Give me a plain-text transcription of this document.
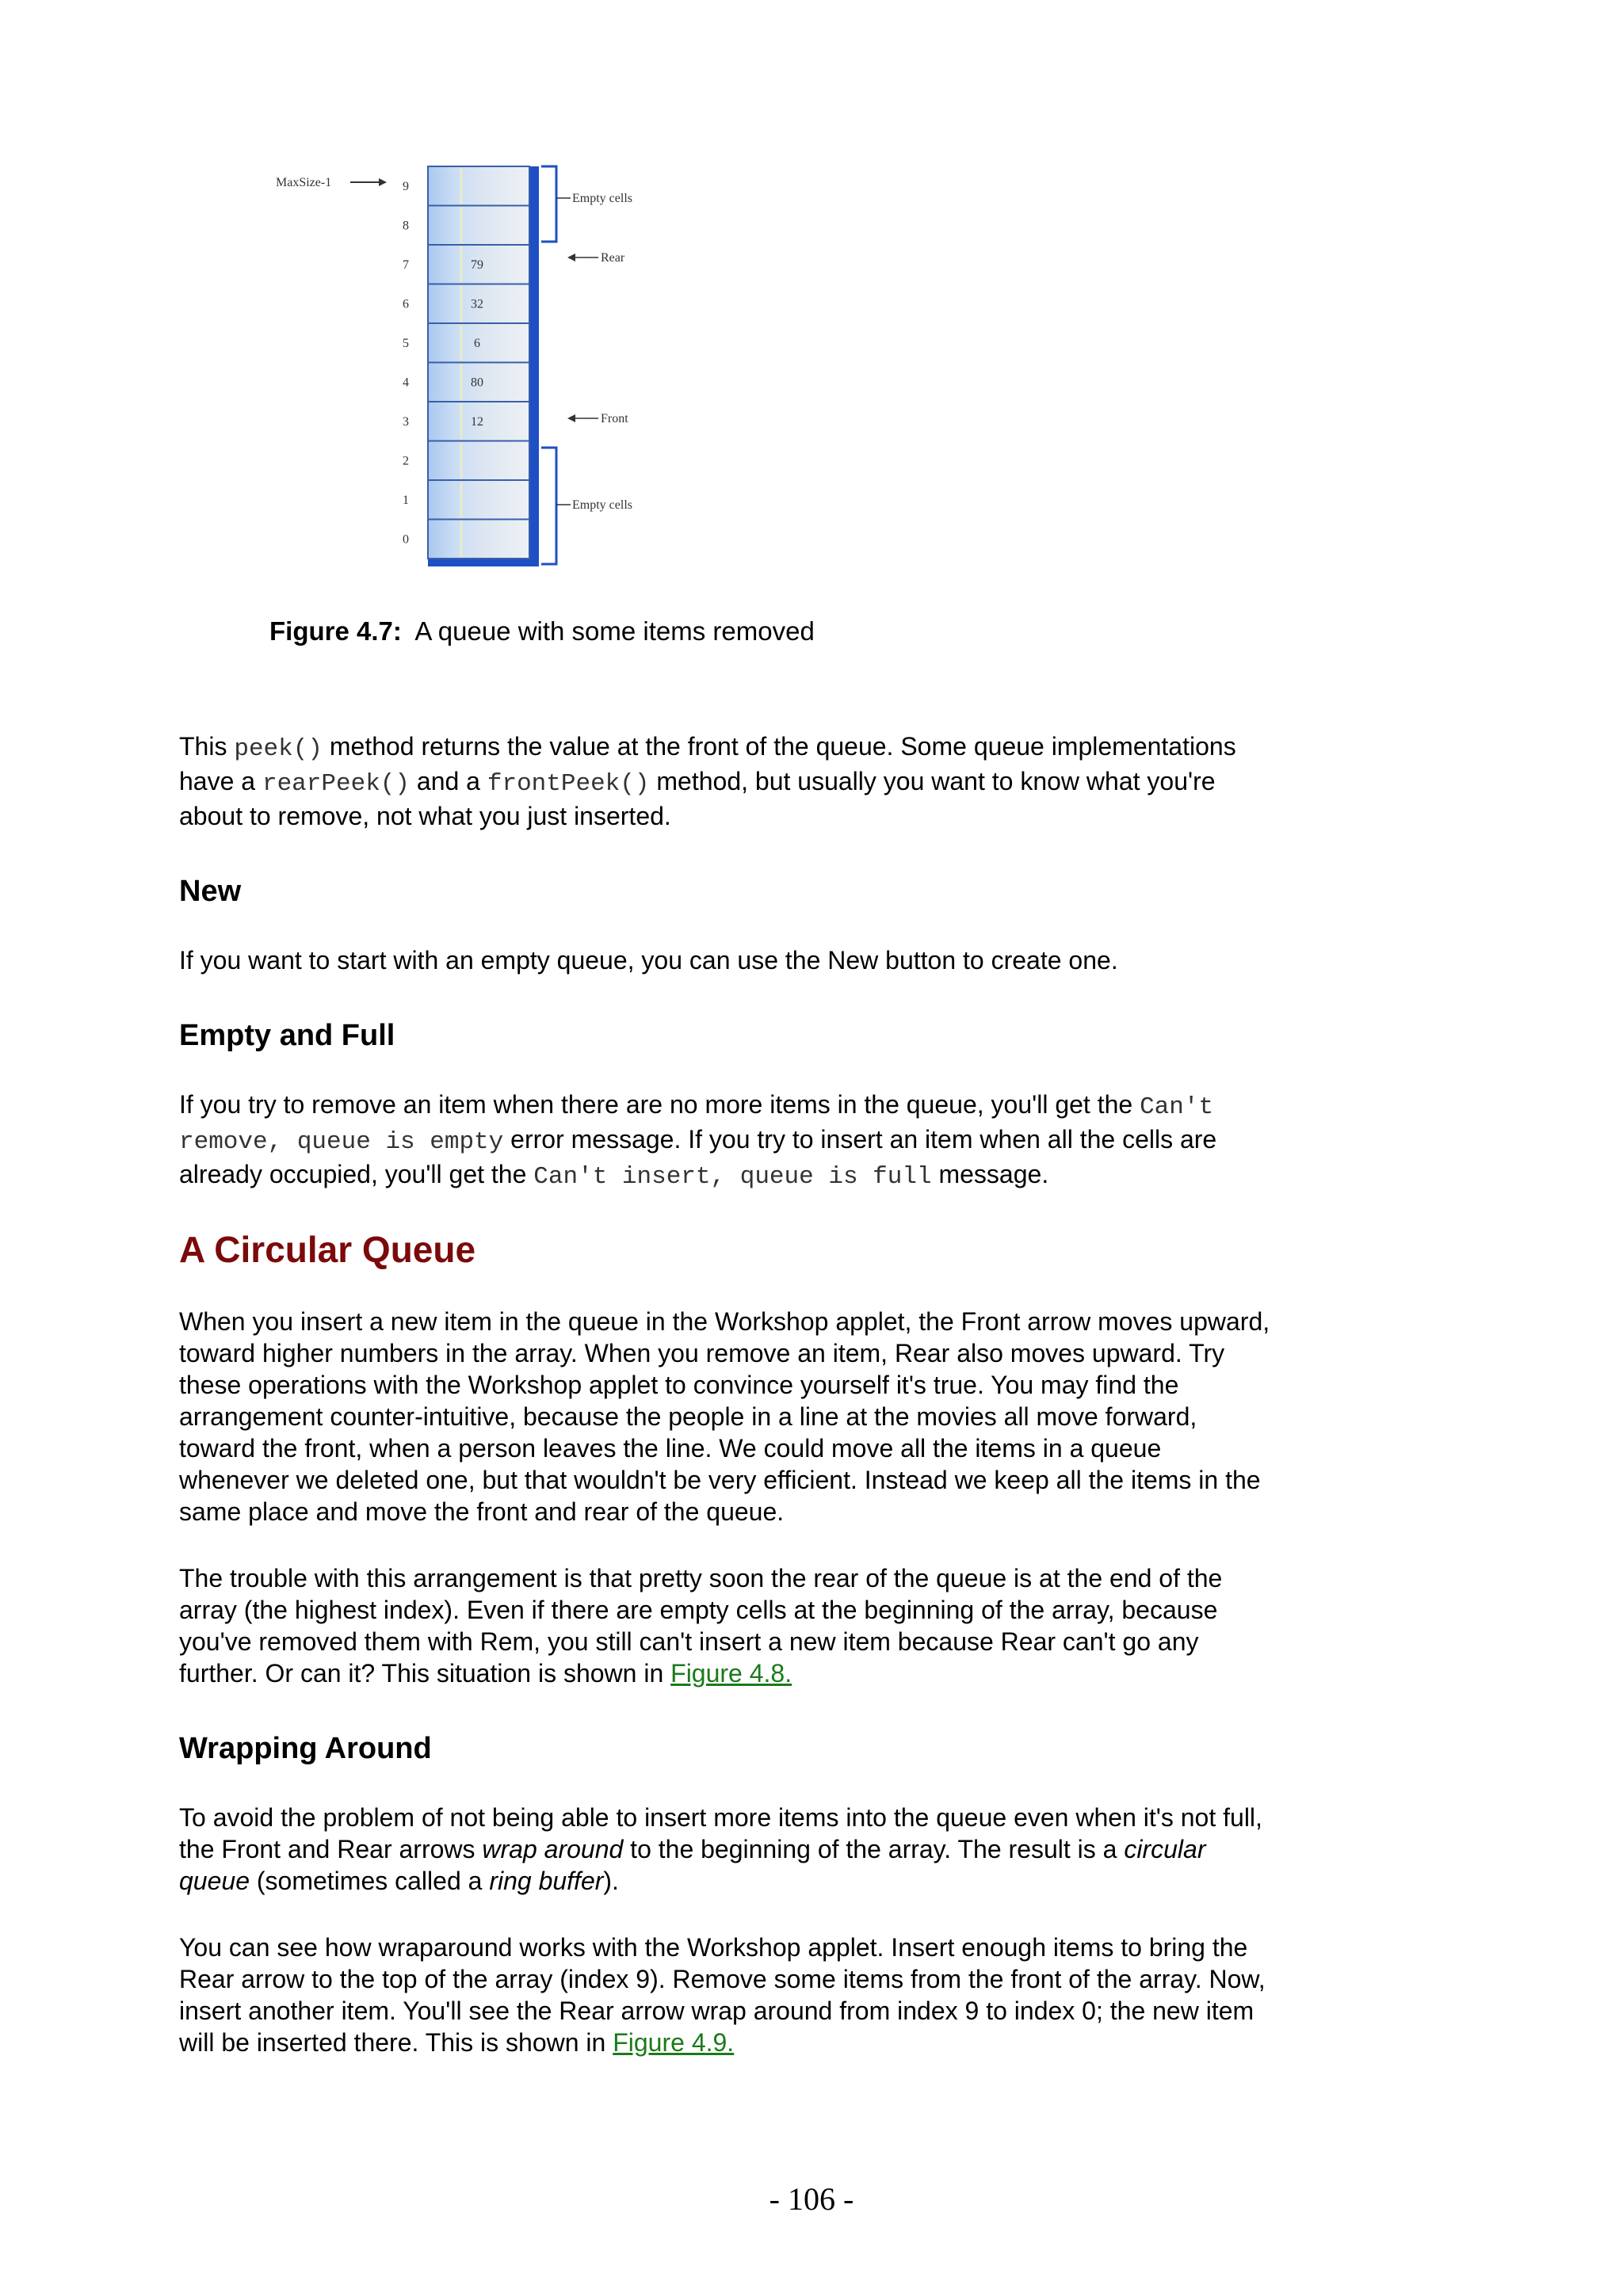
Empty cells
Rear
Front
Empty cells
MaxSize-1	9
8
7	79
6	32
5	6
4	80
3	12
2
1
0
Figure 4.7: A queue with some items removed

This peek() method returns the value at the front of the queue. Some queue implementations have a rearPeek() and a frontPeek() method, but usually you want to know what you're about to remove, not what you just inserted.

New

If you want to start with an empty queue, you can use the New button to create one.

Empty and Full

If you try to remove an item when there are no more items in the queue, you'll get the Can't remove, queue is empty error message. If you try to insert an item when all the cells are already occupied, you'll get the Can't insert, queue is full message.

A Circular Queue

When you insert a new item in the queue in the Workshop applet, the Front arrow moves upward, toward higher numbers in the array. When you remove an item, Rear also moves upward. Try these operations with the Workshop applet to convince yourself it's true. You may find the arrangement counter-intuitive, because the people in a line at the movies all move forward, toward the front, when a person leaves the line. We could move all the items in a queue whenever we deleted one, but that wouldn't be very efficient. Instead we keep all the items in the same place and move the front and rear of the queue.

The trouble with this arrangement is that pretty soon the rear of the queue is at the end of the array (the highest index). Even if there are empty cells at the beginning of the array, because you've removed them with Rem, you still can't insert a new item because Rear can't go any further. Or can it? This situation is shown in Figure 4.8.

Wrapping Around

To avoid the problem of not being able to insert more items into the queue even when it's not full, the Front and Rear arrows wrap around to the beginning of the array. The result is a circular queue (sometimes called a ring buffer).

You can see how wraparound works with the Workshop applet. Insert enough items to bring the Rear arrow to the top of the array (index 9). Remove some items from the front of the array. Now, insert another item. You'll see the Rear arrow wrap around from index 9 to index 0; the new item will be inserted there. This is shown in Figure 4.9.

- 106 -
